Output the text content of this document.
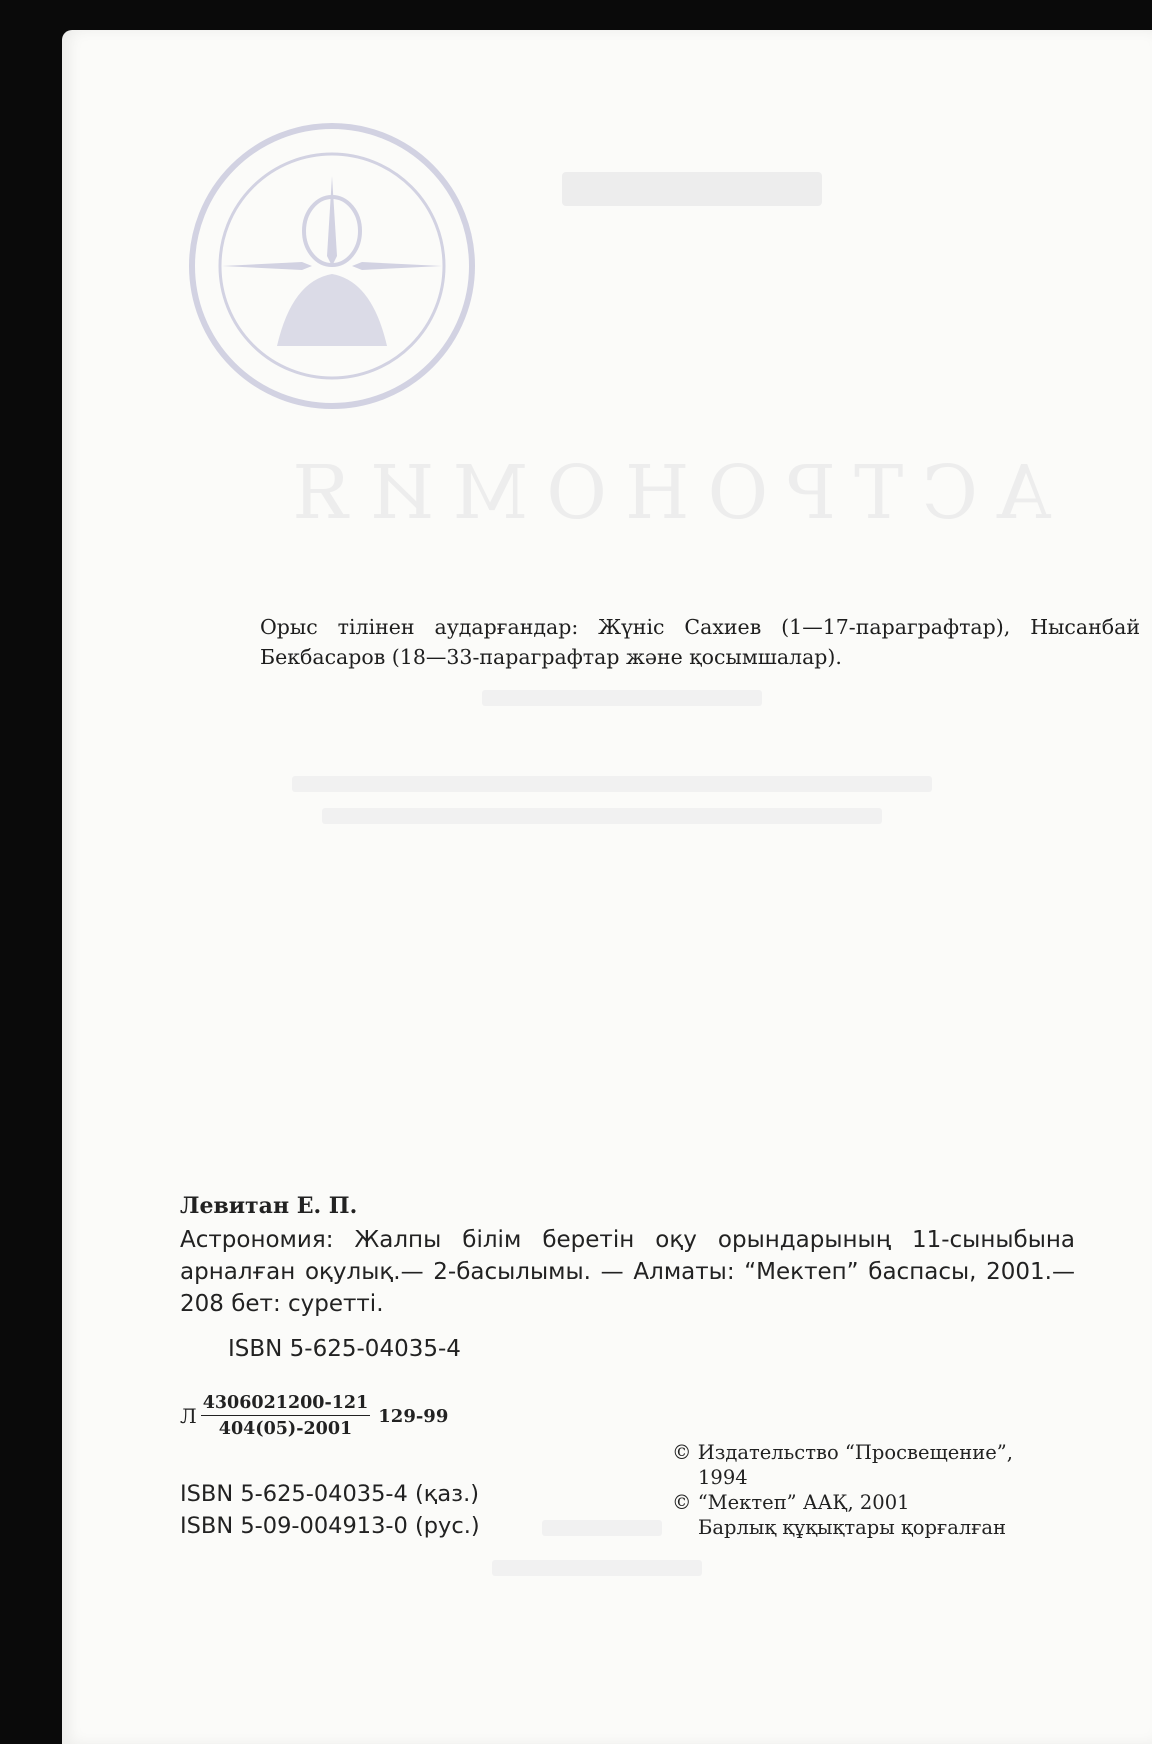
АСТРОНОМИЯ
Орыс тілінен аударғандар: Жүніс Сахиев (1—17-параграфтар), Нысанбай Бекбасаров (18—33-параграфтар және қосымшалар).
Левитан Е. П.
Астрономия: Жалпы білім беретін оқу орындарының 11-сыныбына арналған оқулық.— 2-басылымы. — Алматы: “Мектеп” баспасы, 2001.— 208 бет: суретті.
ISBN 5-625-04035-4
Л $\frac{4306021200-121}{404(05)-2001} 129-99$
ISBN 5-625-04035-4 (қаз.)
ISBN 5-09-004913-0 (рус.)
© Издательство “Просвещение”,
1994
© “Мектеп” ААҚ, 2001
Барлық құқықтары қорғалған
